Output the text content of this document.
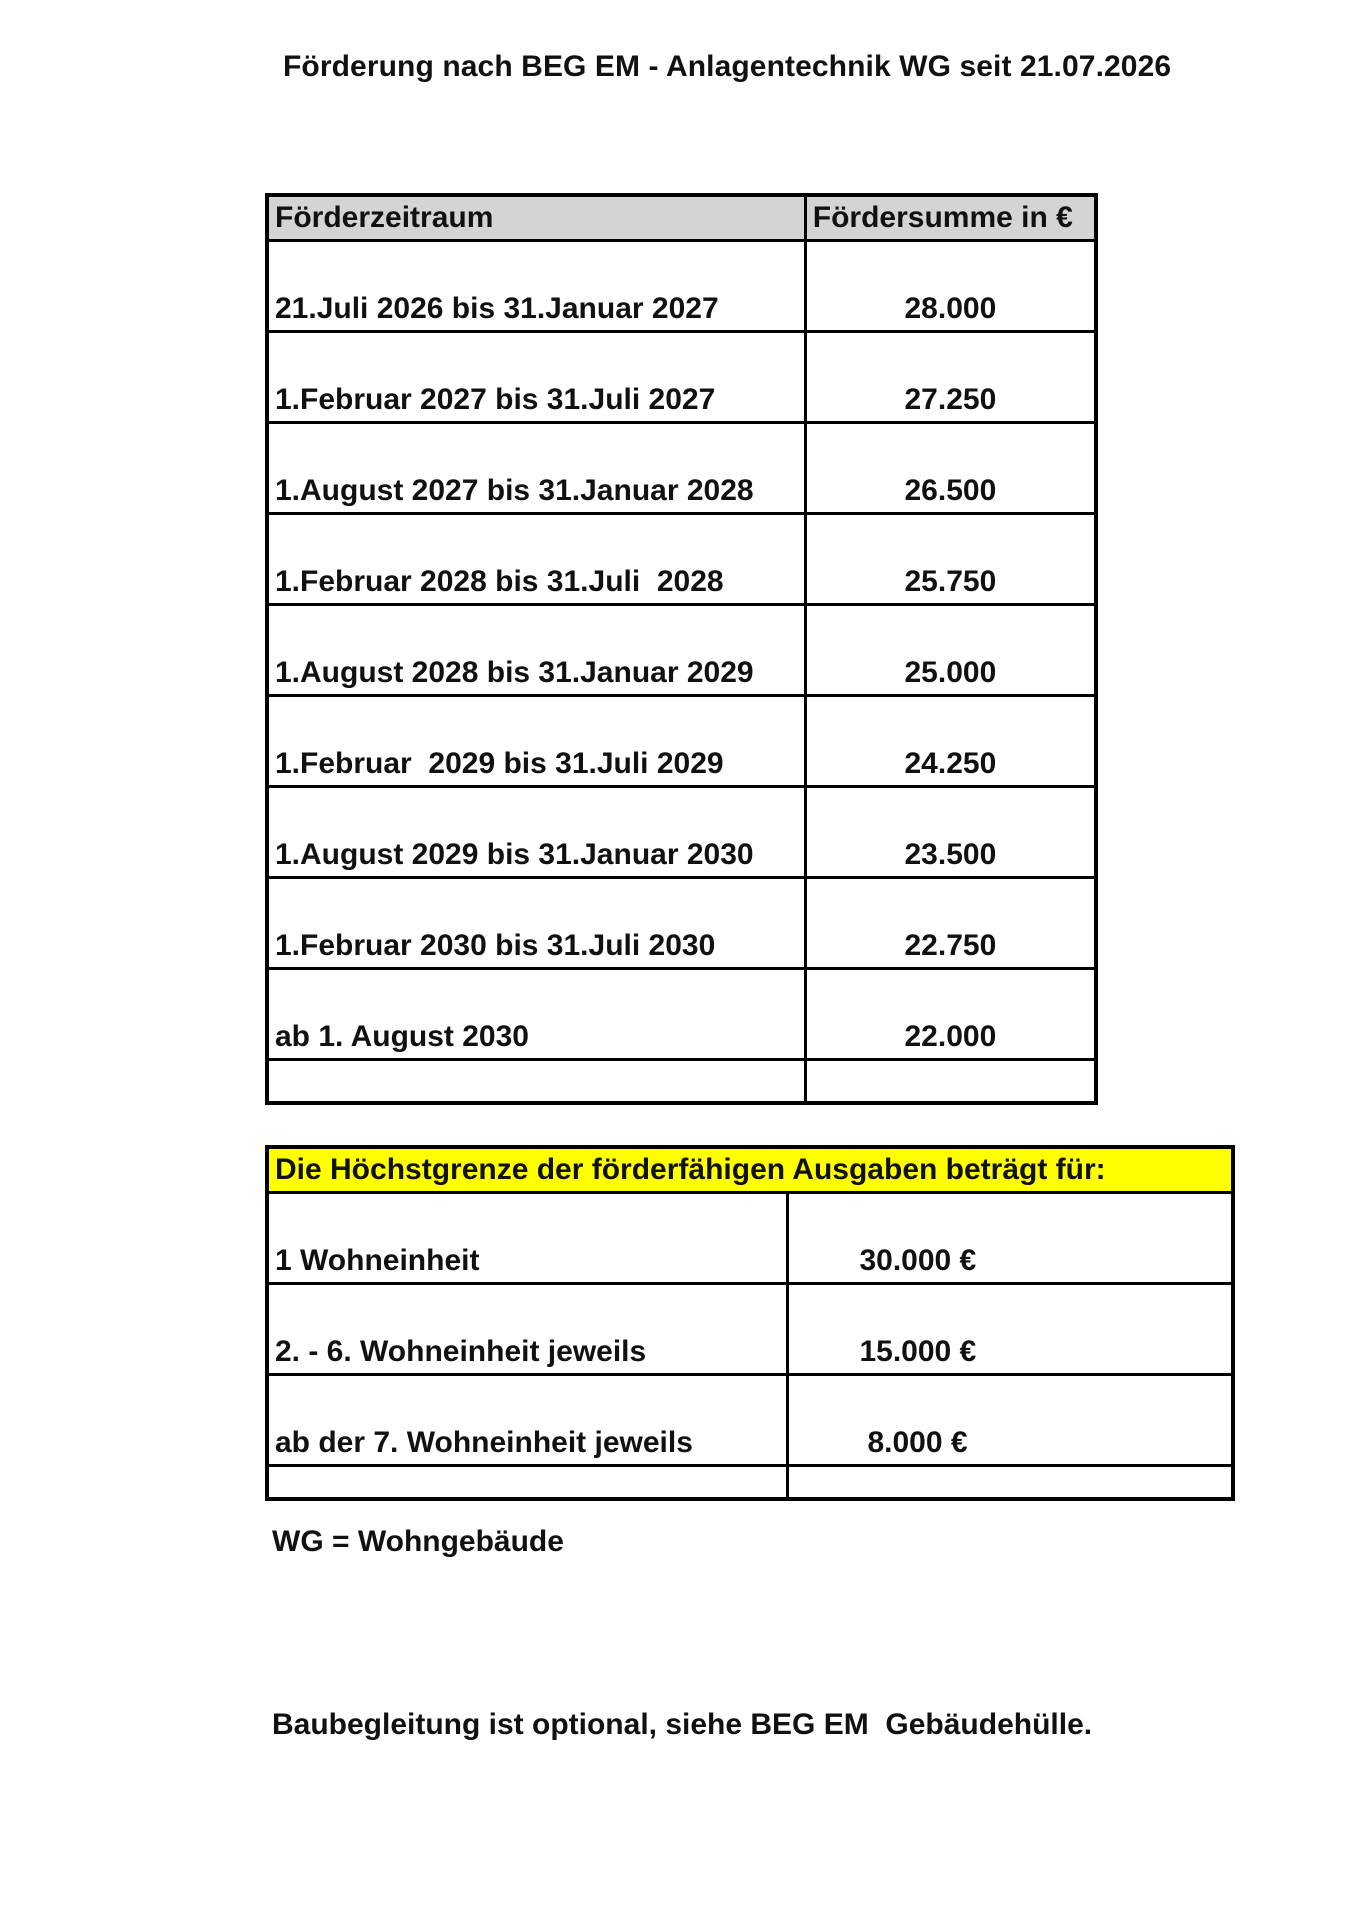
Förderung nach BEG EM - Anlagentechnik WG seit 21.07.2026
Förderzeitraum	Fördersumme in €
21.Juli 2026 bis 31.Januar 2027	28.000
1.Februar 2027 bis 31.Juli 2027	27.250
1.August 2027 bis 31.Januar 2028	26.500
1.Februar 2028 bis 31.Juli  2028	25.750
1.August 2028 bis 31.Januar 2029	25.000
1.Februar  2029 bis 31.Juli 2029	24.250
1.August 2029 bis 31.Januar 2030	23.500
1.Februar 2030 bis 31.Juli 2030	22.750
ab 1. August 2030	22.000

Die Höchstgrenze der förderfähigen Ausgaben beträgt für:	
1 Wohneinheit	30.000 €
2. - 6. Wohneinheit jeweils	15.000 €
ab der 7. Wohneinheit jeweils	8.000 €

WG = Wohngebäude
Baubegleitung ist optional, siehe BEG EM  Gebäudehülle.
